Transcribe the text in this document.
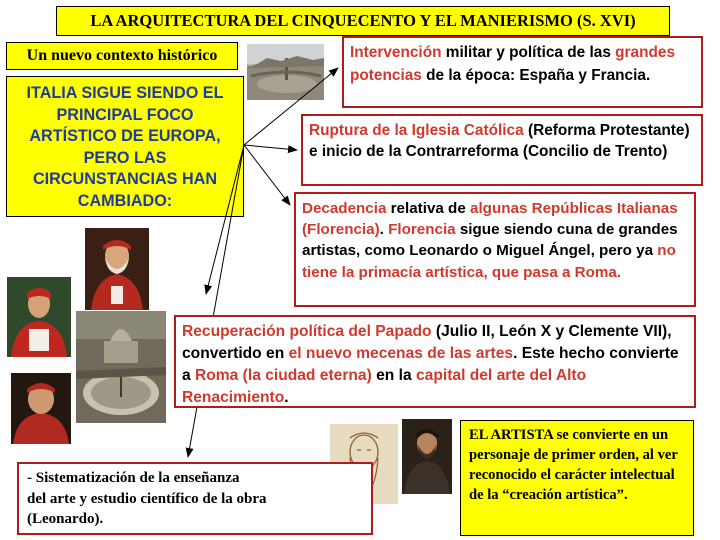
LA ARQUITECTURA DEL CINQUECENTO Y EL MANIERISMO (S. XVI)
Un nuevo contexto histórico
ITALIA SIGUE SIENDO EL
PRINCIPAL FOCO
ARTÍSTICO DE EUROPA,
PERO LAS
CIRCUNSTANCIAS HAN
CAMBIADO:
Intervención militar y política de las grandes potencias de la época: España y Francia.
Ruptura de la Iglesia Católica (Reforma Protestante) e inicio de la Contrarreforma (Concilio de Trento)
Decadencia relativa de algunas Repúblicas Italianas (Florencia). Florencia sigue siendo cuna de grandes artistas, como Leonardo o Miguel Ángel, pero ya no tiene la primacía artística, que pasa a Roma.
Recuperación política del Papado (Julio II, León X y Clemente VII), convertido en el nuevo mecenas de las artes. Este hecho convierte a Roma (la ciudad eterna) en la capital del arte del Alto Renacimiento.
- Sistematización de la enseñanza
del arte y estudio científico de la obra
(Leonardo).
EL ARTISTA se convierte en un personaje de primer orden, al ver reconocido el carácter intelectual de la “creación artística”.
